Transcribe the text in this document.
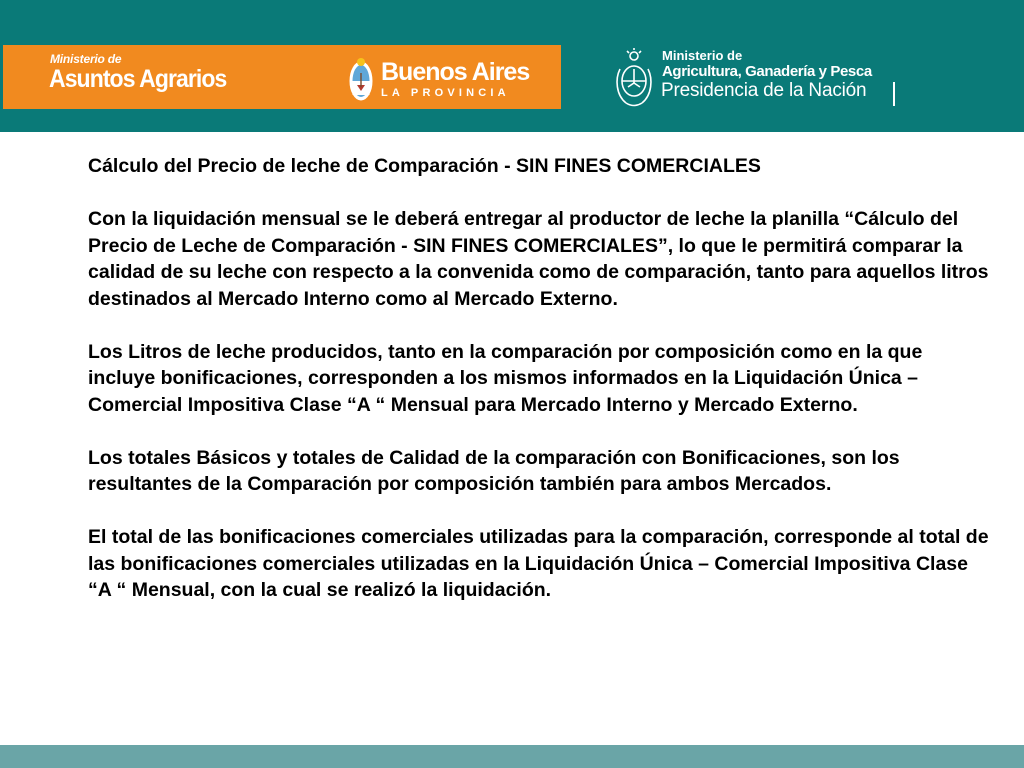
Ministerio de
Asuntos Agrarios	Buenos Aires
LA PROVINCIA
Ministerio de
Agricultura, Ganadería y Pesca
Presidencia de la Nación

Cálculo del Precio de leche de Comparación - SIN FINES COMERCIALES

Con la liquidación mensual se le deberá entregar al productor de leche la planilla “Cálculo del Precio de Leche de Comparación - SIN FINES COMERCIALES”, lo que le permitirá comparar la calidad de su leche con respecto a la convenida como de comparación, tanto para aquellos litros destinados al Mercado Interno como al Mercado Externo.

Los Litros de leche producidos, tanto en la comparación por composición como en la que incluye bonificaciones, corresponden a los mismos informados en la Liquidación Única – Comercial Impositiva Clase “A “ Mensual para Mercado Interno y Mercado Externo.

Los totales Básicos y totales de Calidad de la comparación con Bonificaciones, son los resultantes de la Comparación por composición también para ambos Mercados.

El total de las bonificaciones comerciales utilizadas para la comparación, corresponde al total de las bonificaciones comerciales utilizadas en la Liquidación Única – Comercial Impositiva Clase “A “ Mensual, con la cual se realizó la liquidación.
